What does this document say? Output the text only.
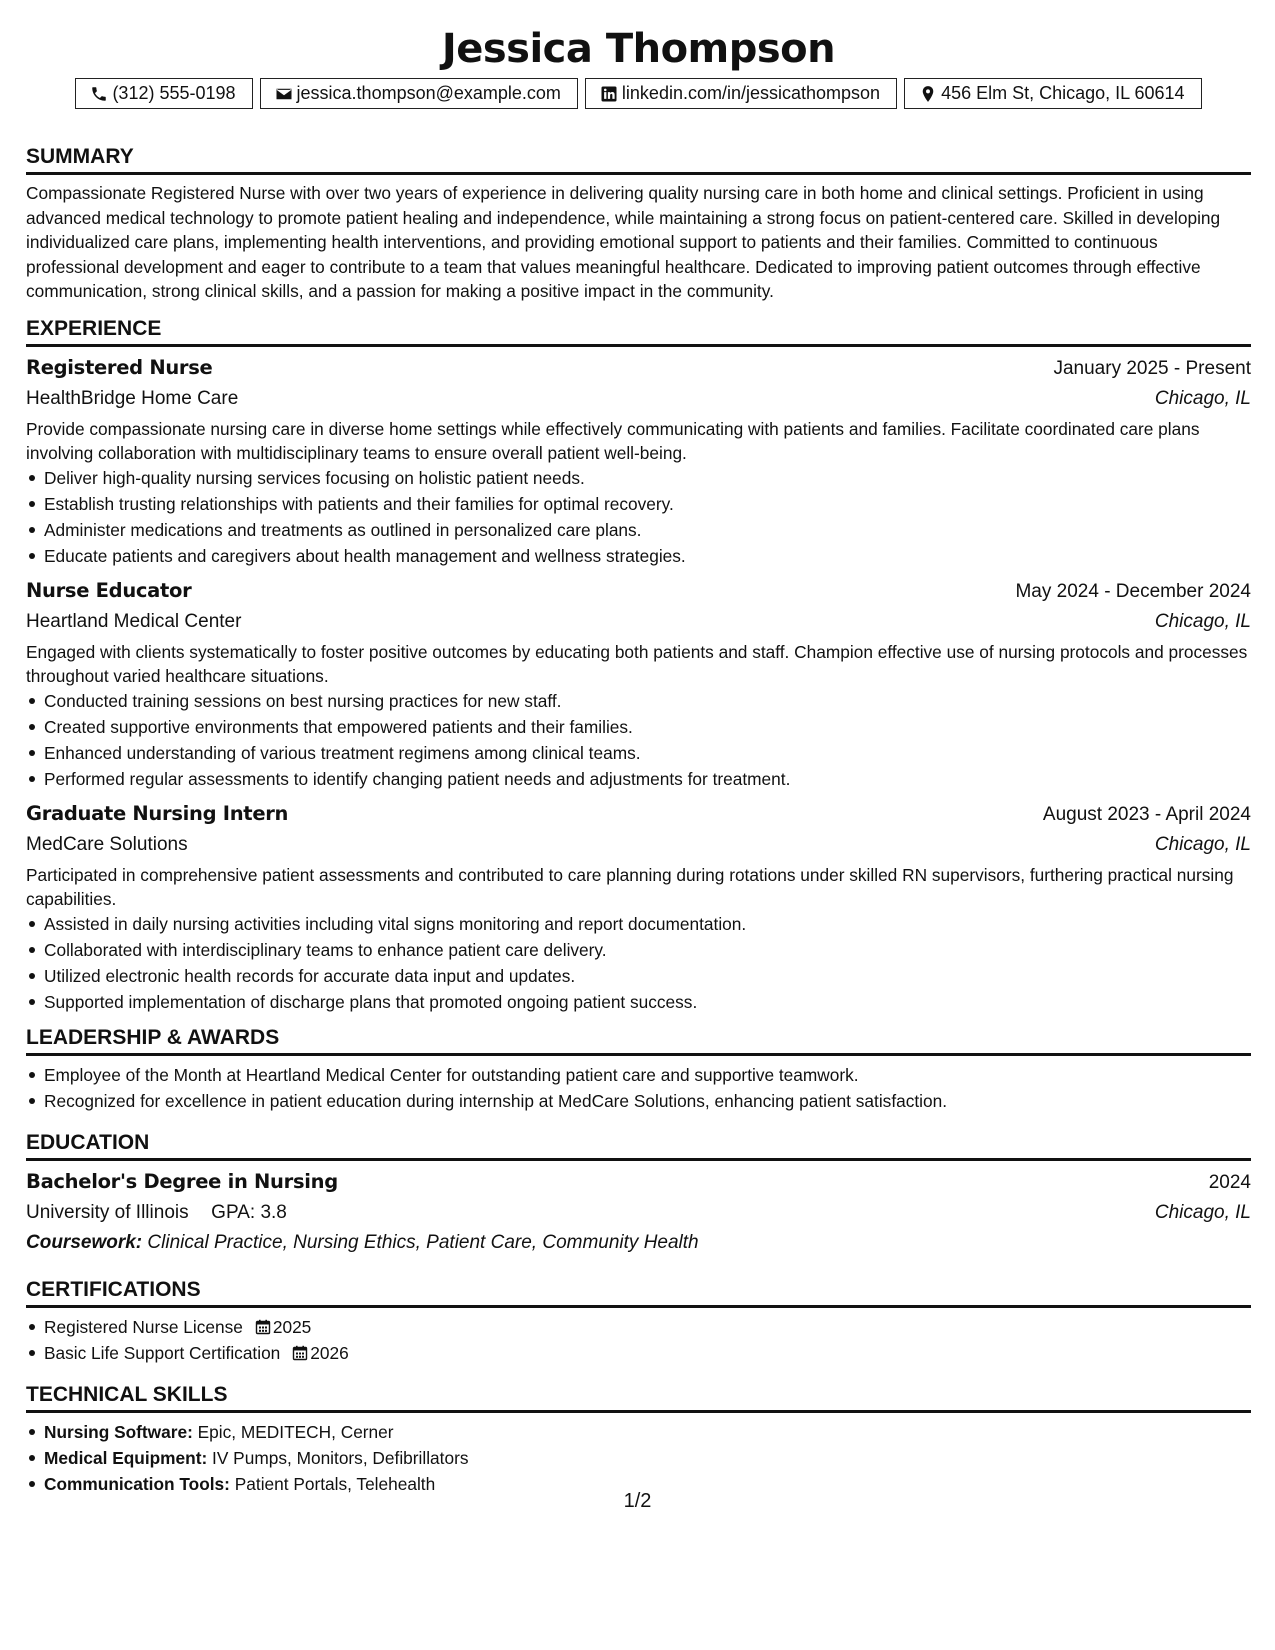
Jessica Thompson
(312) 555-0198	jessica.thompson@example.com	linkedin.com/in/jessicathompson	456 Elm St, Chicago, IL 60614
SUMMARY
Compassionate Registered Nurse with over two years of experience in delivering quality nursing care in both home and clinical settings. Proficient in using advanced medical technology to promote patient healing and independence, while maintaining a strong focus on patient-centered care. Skilled in developing individualized care plans, implementing health interventions, and providing emotional support to patients and their families. Committed to continuous professional development and eager to contribute to a team that values meaningful healthcare. Dedicated to improving patient outcomes through effective communication, strong clinical skills, and a passion for making a positive impact in the community.
EXPERIENCE
Registered Nurse	January 2025 - Present
HealthBridge Home Care	Chicago, IL
Provide compassionate nursing care in diverse home settings while effectively communicating with patients and families. Facilitate coordinated care plans involving collaboration with multidisciplinary teams to ensure overall patient well-being.
Deliver high-quality nursing services focusing on holistic patient needs.
Establish trusting relationships with patients and their families for optimal recovery.
Administer medications and treatments as outlined in personalized care plans.
Educate patients and caregivers about health management and wellness strategies.
Nurse Educator	May 2024 - December 2024
Heartland Medical Center	Chicago, IL
Engaged with clients systematically to foster positive outcomes by educating both patients and staff. Champion effective use of nursing protocols and processes throughout varied healthcare situations.
Conducted training sessions on best nursing practices for new staff.
Created supportive environments that empowered patients and their families.
Enhanced understanding of various treatment regimens among clinical teams.
Performed regular assessments to identify changing patient needs and adjustments for treatment.
Graduate Nursing Intern	August 2023 - April 2024
MedCare Solutions	Chicago, IL
Participated in comprehensive patient assessments and contributed to care planning during rotations under skilled RN supervisors, furthering practical nursing capabilities.
Assisted in daily nursing activities including vital signs monitoring and report documentation.
Collaborated with interdisciplinary teams to enhance patient care delivery.
Utilized electronic health records for accurate data input and updates.
Supported implementation of discharge plans that promoted ongoing patient success.
LEADERSHIP & AWARDS
Employee of the Month at Heartland Medical Center for outstanding patient care and supportive teamwork.
Recognized for excellence in patient education during internship at MedCare Solutions, enhancing patient satisfaction.
EDUCATION
Bachelor's Degree in Nursing	2024
University of Illinois GPA: 3.8	Chicago, IL
Coursework: Clinical Practice, Nursing Ethics, Patient Care, Community Health
CERTIFICATIONS
Registered Nurse License 2025
Basic Life Support Certification 2026
TECHNICAL SKILLS
Nursing Software: Epic, MEDITECH, Cerner
Medical Equipment: IV Pumps, Monitors, Defibrillators
Communication Tools: Patient Portals, Telehealth
1/2
